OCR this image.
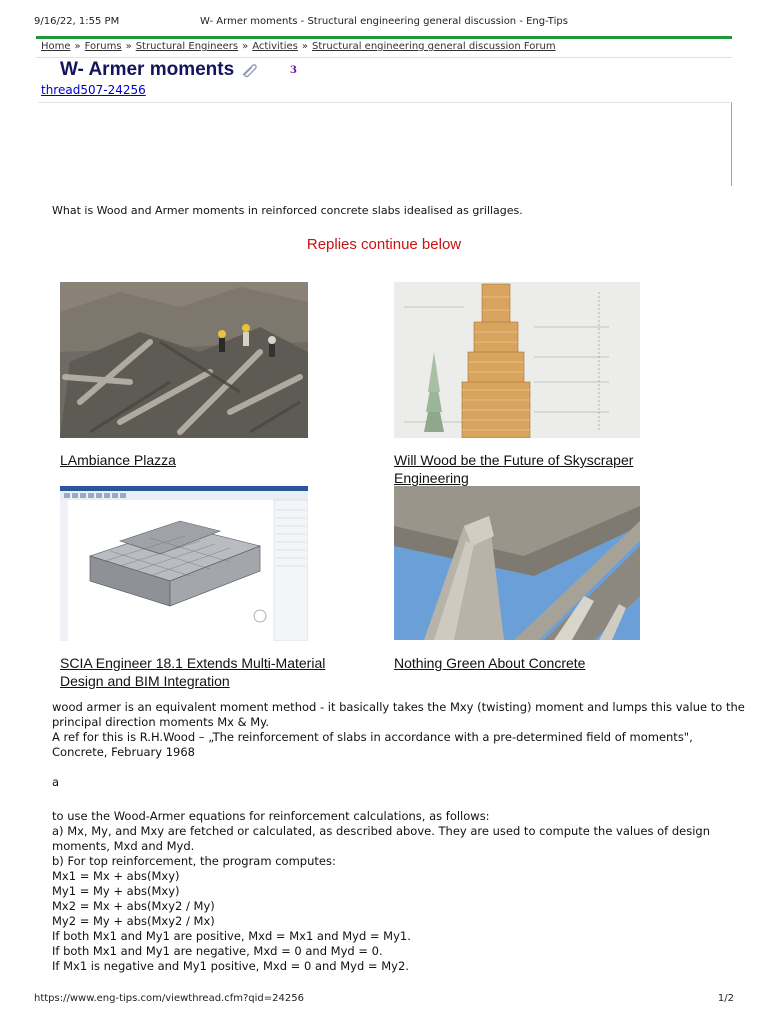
9/16/22, 1:55 PM	W- Armer moments - Structural engineering general discussion - Eng-Tips
Home » Forums » Structural Engineers » Activities » Structural engineering general discussion Forum
W- Armer moments	3
thread507-24256
What is Wood and Armer moments in reinforced concrete slabs idealised as grillages.
Replies continue below
LAmbiance Plazza	Will Wood be the Future of Skyscraper
Engineering
SCIA Engineer 18.1 Extends Multi-Material
Design and BIM Integration
Nothing Green About Concrete
wood armer is an equivalent moment method - it basically takes the Mxy (twisting) moment and lumps this value to the
principal direction moments Mx & My.
A ref for this is R.H.Wood – „The reinforcement of slabs in accordance with a pre-determined field of moments",
Concrete, February 1968
a
to use the Wood-Armer equations for reinforcement calculations, as follows:
a) Mx, My, and Mxy are fetched or calculated, as described above. They are used to compute the values of design
moments, Mxd and Myd.
b) For top reinforcement, the program computes:
Mx1 = Mx + abs(Mxy)
My1 = My + abs(Mxy)
Mx2 = Mx + abs(Mxy2 / My)
My2 = My + abs(Mxy2 / Mx)
If both Mx1 and My1 are positive, Mxd = Mx1 and Myd = My1.
If both Mx1 and My1 are negative, Mxd = 0 and Myd = 0.
If Mx1 is negative and My1 positive, Mxd = 0 and Myd = My2.
https://www.eng-tips.com/viewthread.cfm?qid=24256	1/2
